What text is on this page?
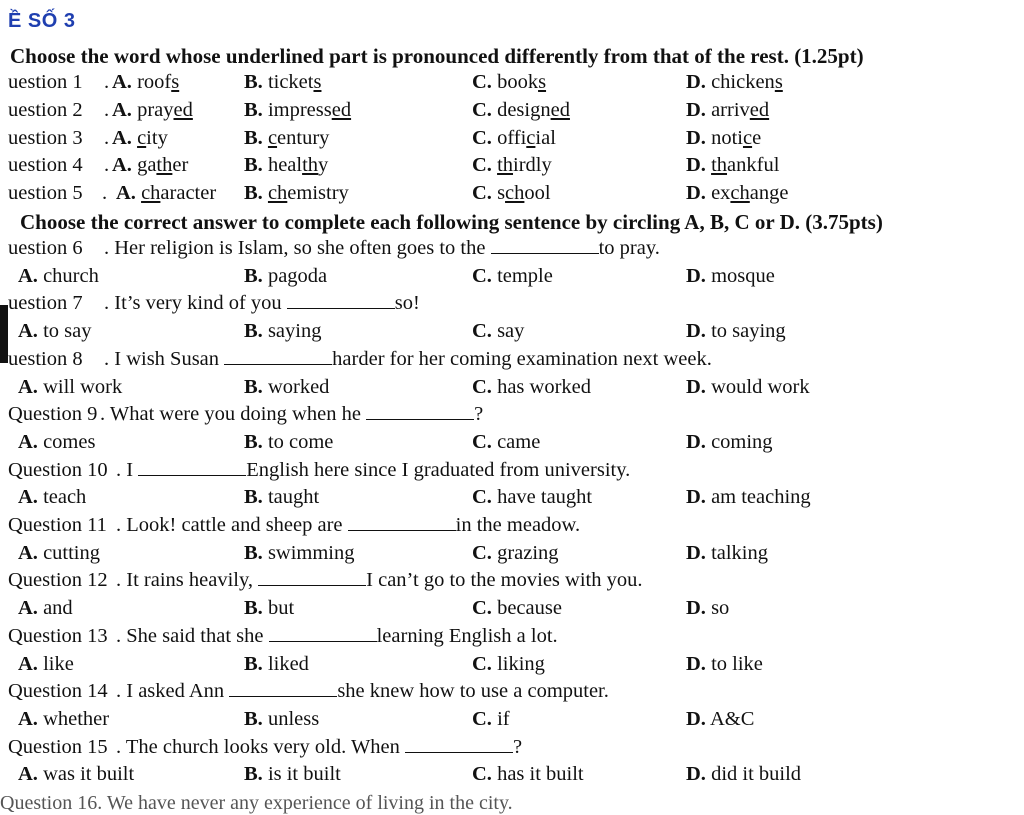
Ề SỐ 3
Choose the word whose underlined part is pronounced differently from that of the rest. (1.25pt)
uestion 1 . A. roofs	B. tickets	C. books	D. chickens
uestion 2 . A. prayed B. impressed	C. designed	D. arrived
uestion 3 . A. city	B. century	C. official	D. notice
uestion 4 . A. gather	B. healthy	C. thirdly	D. thankful
uestion 5 . A. character B. chemistry	C. school	D. exchange
Choose the correct answer to complete each following sentence by circling A, B, C or D. (3.75pts)
uestion 6 . Her religion is Islam, so she often goes to the	to pray.
A. church	B. pagoda	C. temple	D. mosque
uestion 7 . It’s very kind of you	so!
A. to say	B. saying	C. say	D. to saying
uestion 8 . I wish Susan	harder for her coming examination next week.
A. will work	B. worked	C. has worked	D. would work
Question 9 . What were you doing when he	?
A. comes	B. to come	C. came	D. coming
Question 10 . I	English here since I graduated from university.
A. teach	B. taught	C. have taught	D. am teaching
Question 11 . Look! cattle and sheep are	in the meadow.
A. cutting	B. swimming	C. grazing	D. talking
Question 12 . It rains heavily,	I can’t go to the movies with you.
A. and	B. but	C. because	D. so
Question 13 . She said that she	learning English a lot.
A. like	B. liked	C. liking	D. to like
Question 14 . I asked Ann	she knew how to use a computer.
A. whether	B. unless	C. if	D. A&C
Question 15 . The church looks very old. When	?
A. was it built	B. is it built	C. has it built	D. did it build
Question 16. We have never any experience of living in the city.
